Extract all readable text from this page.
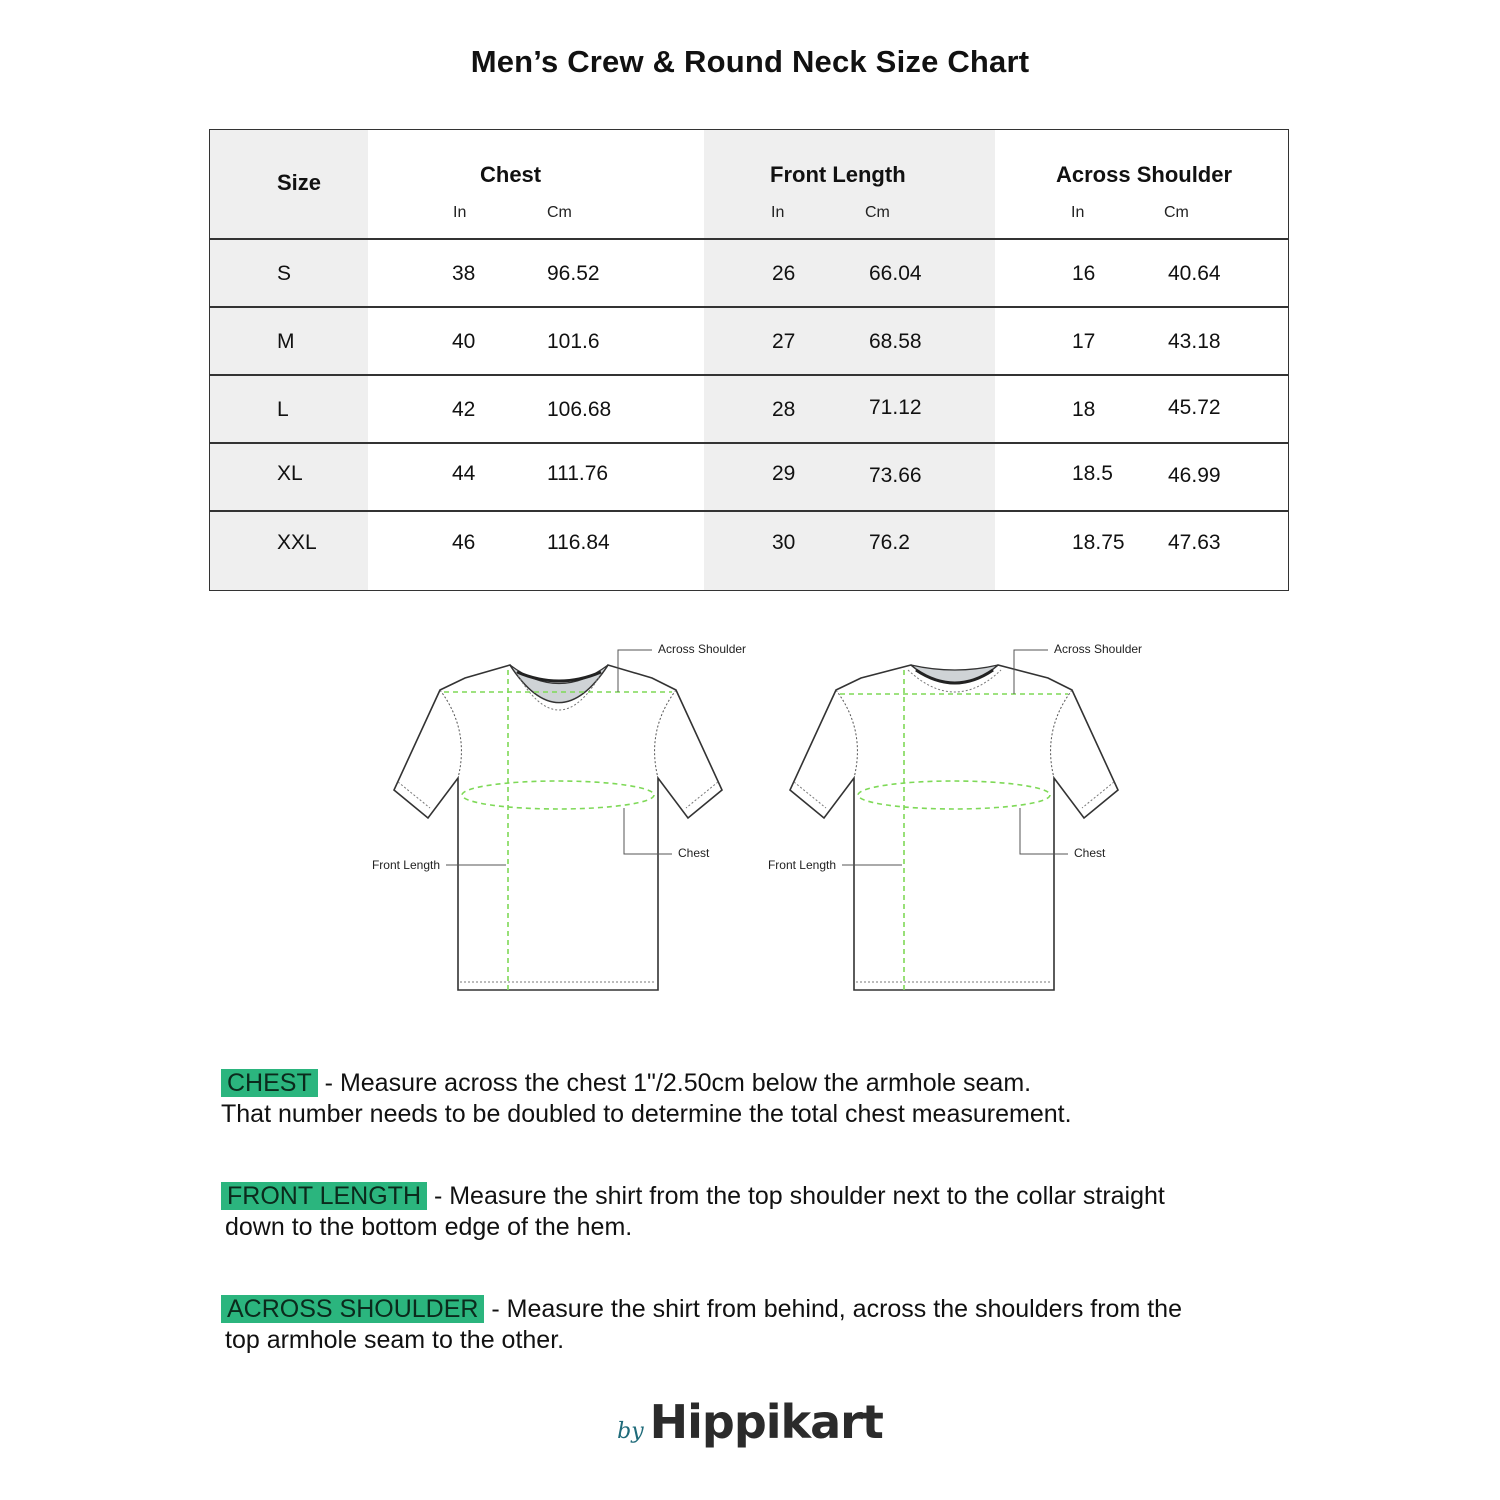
Men’s Crew & Round Neck Size Chart
Size	Chest
In	Cm
Front Length
In	Cm
Across Shoulder
In	Cm
S	38	96.52	26	66.04	16	40.64
M	40	101.6	27	68.58	17	43.18
L	42	106.68	28	71.12	18	45.72
XL	44	111.76	29	73.66	18.5	46.99
XXL	46	116.84	30	76.2	18.75 47.63
Across Shoulder
Chest
Front Length
Across Shoulder
Chest
Front Length
CHEST - Measure across the chest 1"/2.50cm below the armhole seam.
That number needs to be doubled to determine the total chest measurement.
FRONT LENGTH - Measure the shirt from the top shoulder next to the collar straight
down to the bottom edge of the hem.
ACROSS SHOULDER - Measure the shirt from behind, across the shoulders from the
top armhole seam to the other.
by Hippikart
